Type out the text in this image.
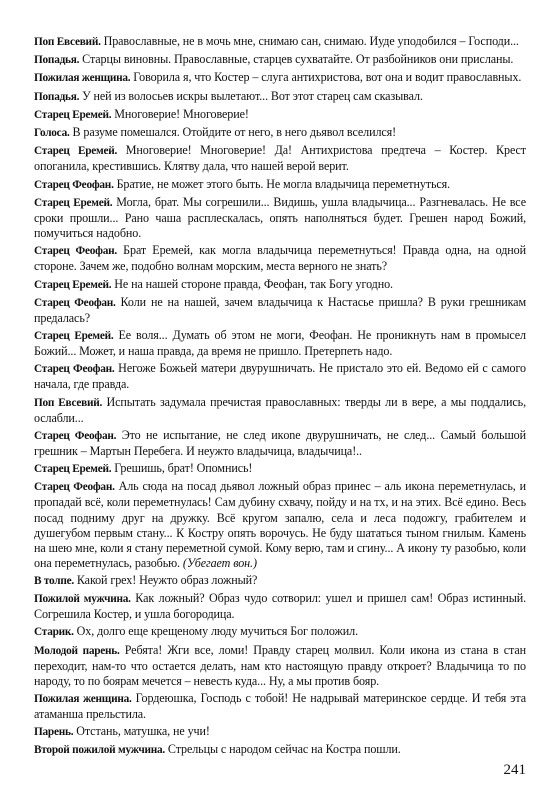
Поп Евсевий. Православные, не в мочь мне, снимаю сан, снимаю. Иуде уподобился – Господи...

Попадья. Старцы виновны. Православные, старцев сухватайте. От разбойников они присланы.

Пожилая женщина. Говорила я, что Костер – слуга антихристова, вот она и водит православных.

Попадья. У ней из волосьев искры вылетают... Вот этот старец сам сказывал.

Старец Еремей. Многоверие! Многоверие!

Голоса. В разуме помешался. Отойдите от него, в него дьявол вселился!

Старец Еремей. Многоверие! Многоверие! Да! Антихристова предтеча – Костер. Крест опоганила, крестившись. Клятву дала, что нашей верой верит.

Старец Феофан. Братие, не может этого быть. Не могла владычица переметнуться.

Старец Еремей. Могла, брат. Мы согрешили... Видишь, ушла владычица... Разгневалась. Не все сроки прошли... Рано чаша расплескалась, опять наполняться будет. Грешен народ Божий, помучиться надобно.

Старец Феофан. Брат Еремей, как могла владычица переметнуться! Правда одна, на одной стороне. Зачем же, подобно волнам морским, места верного не знать?

Старец Еремей. Не на нашей стороне правда, Феофан, так Богу угодно.

Старец Феофан. Коли не на нашей, зачем владычица к Настасье пришла? В руки грешникам предалась?

Старец Еремей. Ее воля... Думать об этом не моги, Феофан. Не проникнуть нам в промысел Божий... Может, и наша правда, да время не пришло. Претерпеть надо.

Старец Феофан. Негоже Божьей матери двурушничать. Не пристало это ей. Ведомо ей с самого начала, где правда.

Поп Евсевий. Испытать задумала пречистая православных: тверды ли в вере, а мы поддались, ослабли...

Старец Феофан. Это не испытание, не след икone двурушничать, не след... Самый большой грешник – Мартын Перебега. И неужто владычица, владычица!..

Старец Еремей. Грешишь, брат! Опомнись!

Старец Феофан. Аль сюда на посад дьявол ложный образ принес – аль икона переметнулась, и пропадай всё, коли переметнулась! Сам дубину схвачу, пойду и на тх, и на этих. Всё едино. Весь посад подниму друг на дружку. Всё кругом запалю, села и леса подожгу, грабителем и душегубом первым стану... К Кострy опять ворочусь. Не буду шататься тынoм гнилым. Камень на шею мне, коли я стану переметной сумой. Кому верю, там и сгину... А икону ту разобью, коли она переметнулась, разобью. (Убегает вон.)

В толпе. Какой грех! Неужто образ ложный?

Пожилой мужчина. Как ложный? Образ чудо сотворил: ушел и пришел сам! Образ истинный. Согрешила Костер, и ушла богородица.

Старик. Ох, долго еще крещеному люду мучиться Бог положил.

Молодой парень. Ребята! Жги все, ломи! Правду старец молвил. Коли икона из стана в стан переходит, нам-то что остается делать, нам кто настоящую правду откроет? Владычица то по народу, то по боярам мечется – невесть куда... Ну, а мы против бояр.

Пожилая женщина. Гордеюшка, Господь с тобой! Не надрывай материнское сердце. И тебя эта атаманша прельстила.

Парень. Отстань, матушка, не учи!

Второй пожилой мужчина. Стрельцы с народом сейчас на Костра пошли.

241
